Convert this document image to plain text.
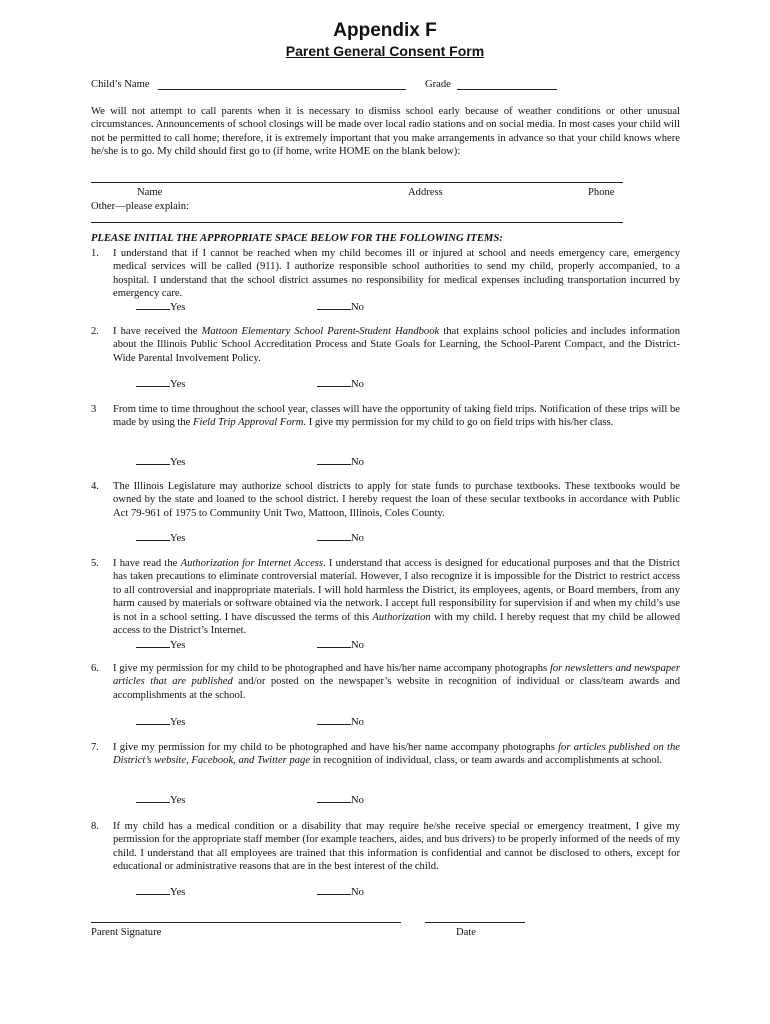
Appendix F
Parent General Consent Form
Child’s Name	Grade
We will not attempt to call parents when it is necessary to dismiss school early because of weather conditions or other unusual circumstances. Announcements of school closings will be made over local radio stations and on social media. In most cases your child will not be permitted to call home; therefore, it is extremely important that you make arrangements in advance so that your child knows where he/she is to go. My child should first go to (if home, write HOME on the blank below):
Name	Address	Phone
Other—please explain:
PLEASE INITIAL THE APPROPRIATE SPACE BELOW FOR THE FOLLOWING ITEMS:
1.	I understand that if I cannot be reached when my child becomes ill or injured at school and needs emergency care, emergency medical services will be called (911). I authorize responsible school authorities to send my child, properly accompanied, to a hospital. I understand that the school district assumes no responsibility for medical expenses including transportation incurred by emergency care.
Yes	No
2.	I have received the Mattoon Elementary School Parent-Student Handbook that explains school policies and includes information about the Illinois Public School Accreditation Process and State Goals for Learning, the School-Parent Compact, and the District-Wide Parental Involvement Policy.
Yes	No
3	From time to time throughout the school year, classes will have the opportunity of taking field trips. Notification of these trips will be made by using the Field Trip Approval Form. I give my permission for my child to go on field trips with his/her class.
Yes	No
4.	The Illinois Legislature may authorize school districts to apply for state funds to purchase textbooks. These textbooks would be owned by the state and loaned to the school district. I hereby request the loan of these secular textbooks in accordance with Public Act 79-961 of 1975 to Community Unit Two, Mattoon, Illinois, Coles County.
Yes	No
5.	I have read the Authorization for Internet Access. I understand that access is designed for educational purposes and that the District has taken precautions to eliminate controversial material. However, I also recognize it is impossible for the District to restrict access to all controversial and inappropriate materials. I will hold harmless the District, its employees, agents, or Board members, from any harm caused by materials or software obtained via the network. I accept full responsibility for supervision if and when my child’s use is not in a school setting. I have discussed the terms of this Authorization with my child. I hereby request that my child be allowed access to the District’s Internet.
Yes	No
6.	I give my permission for my child to be photographed and have his/her name accompany photographs for newsletters and newspaper articles that are published and/or posted on the newspaper’s website in recognition of individual or class/team awards and accomplishments at the school.
Yes	No
7.	I give my permission for my child to be photographed and have his/her name accompany photographs for articles published on the District’s website, Facebook, and Twitter page in recognition of individual, class, or team awards and accomplishments at school.
Yes	No
8.	If my child has a medical condition or a disability that may require he/she receive special or emergency treatment, I give my permission for the appropriate staff member (for example teachers, aides, and bus drivers) to be properly informed of the needs of my child. I understand that all employees are trained that this information is confidential and cannot be disclosed to others, except for educational or administrative reasons that are in the best interest of the child.
Yes	No
Parent Signature	Date
